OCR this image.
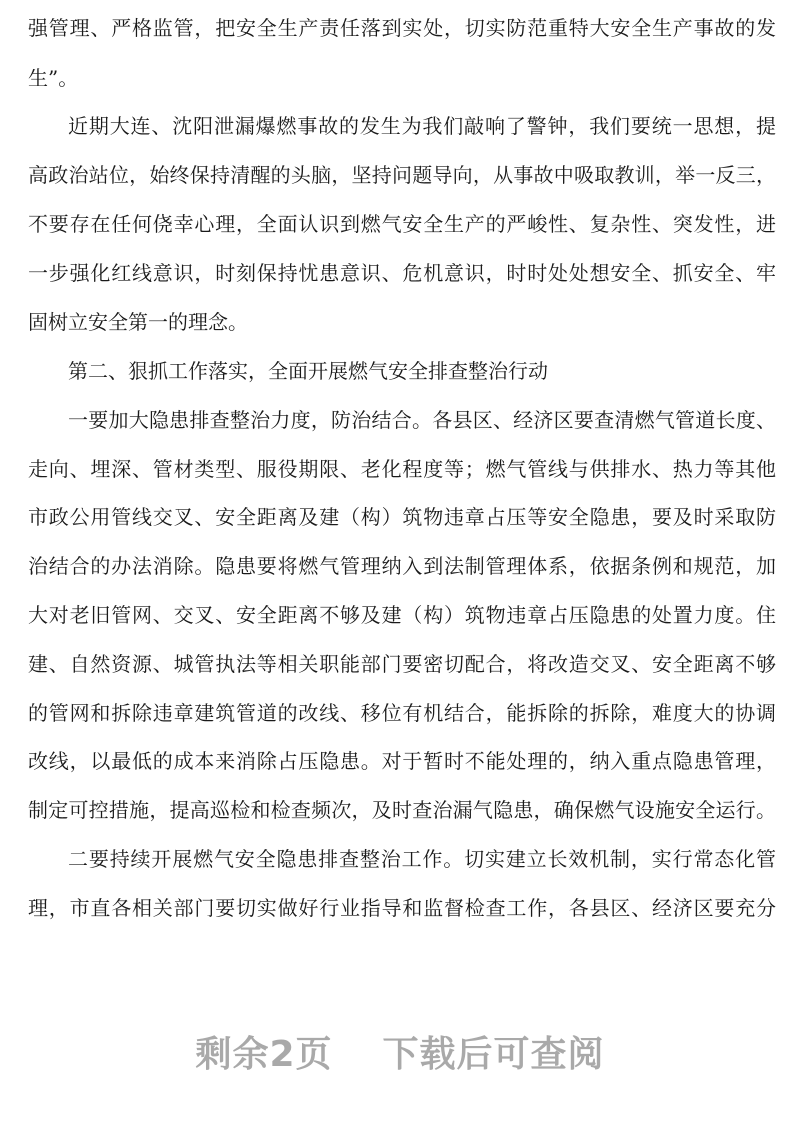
强管理、严格监管，把安全生产责任落到实处，切实防范重特大安全生产事故的发
生”。
近期大连、沈阳泄漏爆燃事故的发生为我们敲响了警钟，我们要统一思想，提
高政治站位，始终保持清醒的头脑，坚持问题导向，从事故中吸取教训，举一反三，
不要存在任何侥幸心理，全面认识到燃气安全生产的严峻性、复杂性、突发性，进
一步强化红线意识，时刻保持忧患意识、危机意识，时时处处想安全、抓安全、牢
固树立安全第一的理念。
第二、狠抓工作落实，全面开展燃气安全排查整治行动
一要加大隐患排查整治力度，防治结合。各县区、经济区要查清燃气管道长度、
走向、埋深、管材类型、服役期限、老化程度等；燃气管线与供排水、热力等其他
市政公用管线交叉、安全距离及建（构）筑物违章占压等安全隐患，要及时采取防
治结合的办法消除。隐患要将燃气管理纳入到法制管理体系，依据条例和规范，加
大对老旧管网、交叉、安全距离不够及建（构）筑物违章占压隐患的处置力度。住
建、自然资源、城管执法等相关职能部门要密切配合，将改造交叉、安全距离不够
的管网和拆除违章建筑管道的改线、移位有机结合，能拆除的拆除，难度大的协调
改线，以最低的成本来消除占压隐患。对于暂时不能处理的，纳入重点隐患管理，
制定可控措施，提高巡检和检查频次，及时查治漏气隐患，确保燃气设施安全运行。
二要持续开展燃气安全隐患排查整治工作。切实建立长效机制，实行常态化管
理，市直各相关部门要切实做好行业指导和监督检查工作，各县区、经济区要充分
剩余2页 下载后可查阅
